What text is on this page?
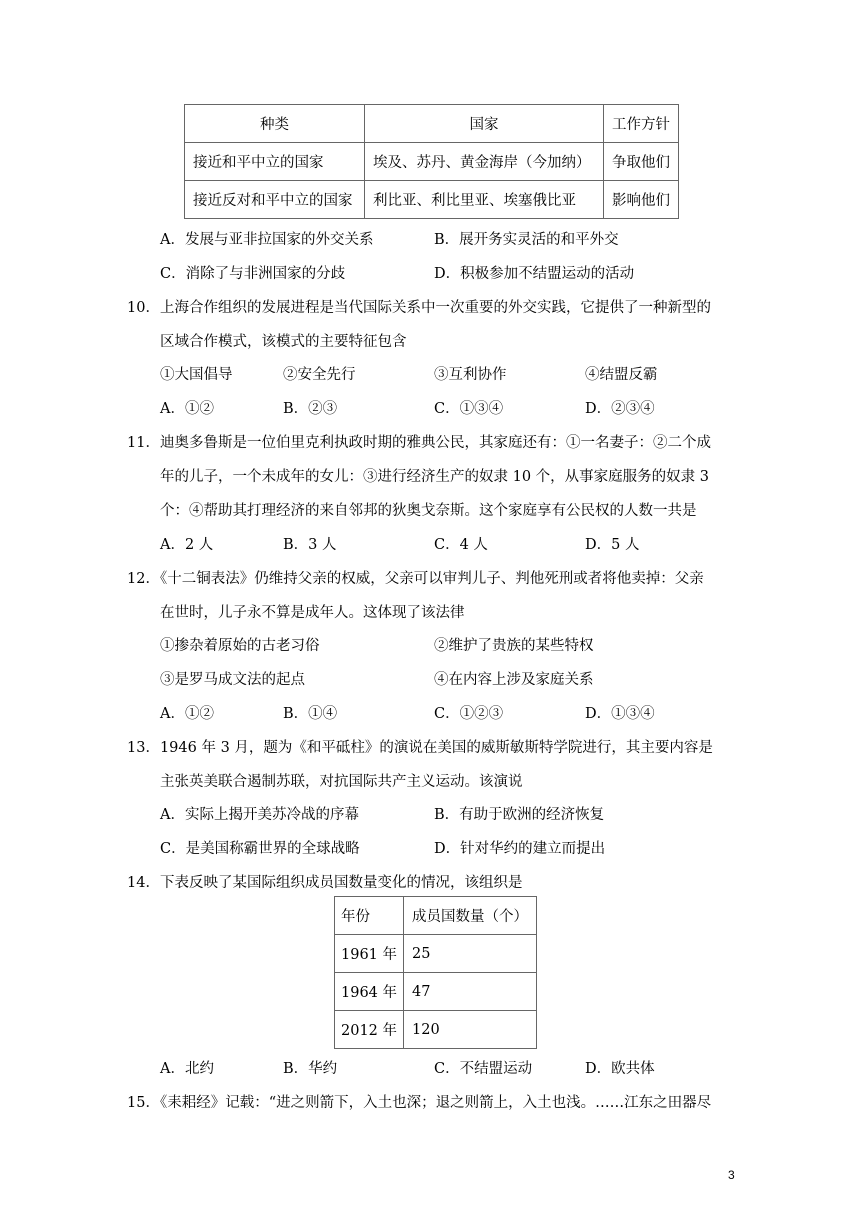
种类	国家	工作方针
接近和平中立的国家	埃及、苏丹、黄金海岸（今加纳）	争取他们
接近反对和平中立的国家	利比亚、利比里亚、埃塞俄比亚	影响他们
A．发展与亚非拉国家的外交关系	B．展开务实灵活的和平外交
C．消除了与非洲国家的分歧	D．积极参加不结盟运动的活动
10．上海合作组织的发展进程是当代国际关系中一次重要的外交实践，它提供了一种新型的
区域合作模式，该模式的主要特征包含
①大国倡导	②安全先行	③互利协作	④结盟反霸
A．①②	B．②③	C．①③④	D．②③④
11．迪奥多鲁斯是一位伯里克利执政时期的雅典公民，其家庭还有：①一名妻子：②二个成
年的儿子，一个未成年的女儿：③进行经济生产的奴隶 10 个，从事家庭服务的奴隶 3
个：④帮助其打理经济的来自邻邦的狄奥戈奈斯。这个家庭享有公民权的人数一共是
A．2 人	B．3 人	C．4 人	D．5 人
12．《十二铜表法》仍维持父亲的权威，父亲可以审判儿子、判他死刑或者将他卖掉：父亲
在世时，儿子永不算是成年人。这体现了该法律
①掺杂着原始的古老习俗	②维护了贵族的某些特权
③是罗马成文法的起点	④在内容上涉及家庭关系
A．①②	B．①④	C．①②③	D．①③④
13．1946 年 3 月，题为《和平砥柱》的演说在美国的威斯敏斯特学院进行，其主要内容是
主张英美联合遏制苏联，对抗国际共产主义运动。该演说
A．实际上揭开美苏冷战的序幕	B．有助于欧洲的经济恢复
C．是美国称霸世界的全球战略	D．针对华约的建立而提出
14．下表反映了某国际组织成员国数量变化的情况，该组织是
年份	成员国数量（个）
1961 年	25
1964 年	47
2012 年	120
A．北约	B．华约	C．不结盟运动	D．欧共体
15．《耒耜经》记载：“进之则箭下，入土也深；退之则箭上，入土也浅。……江东之田器尽
3
